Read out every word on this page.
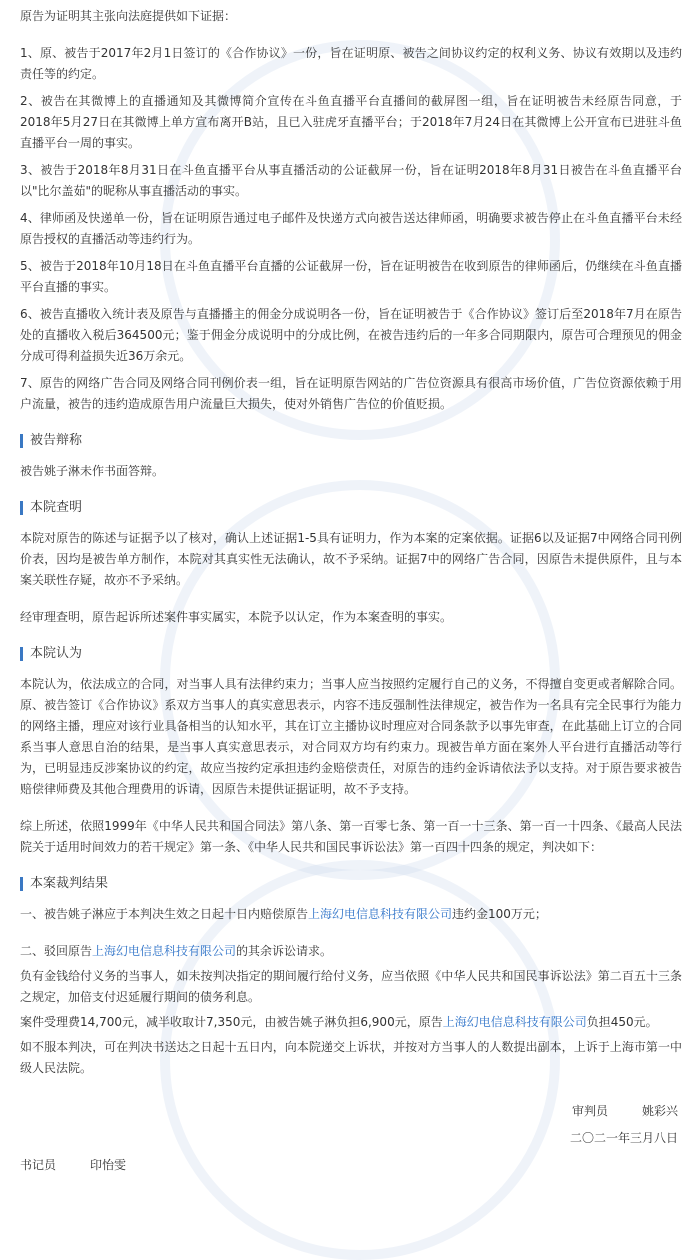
原告为证明其主张向法庭提供如下证据：

1、原、被告于2017年2月1日签订的《合作协议》一份，旨在证明原、被告之间协议约定的权利义务、协议有效期以及违约责任等的约定。

2、被告在其微博上的直播通知及其微博简介宣传在斗鱼直播平台直播间的截屏图一组，旨在证明被告未经原告同意，于2018年5月27日在其微博上单方宣布离开B站，且已入驻虎牙直播平台；于2018年7月24日在其微博上公开宣布已进驻斗鱼直播平台一周的事实。

3、被告于2018年8月31日在斗鱼直播平台从事直播活动的公证截屏一份，旨在证明2018年8月31日被告在斗鱼直播平台以"比尔盖茹"的昵称从事直播活动的事实。

4、律师函及快递单一份，旨在证明原告通过电子邮件及快递方式向被告送达律师函，明确要求被告停止在斗鱼直播平台未经原告授权的直播活动等违约行为。

5、被告于2018年10月18日在斗鱼直播平台直播的公证截屏一份，旨在证明被告在收到原告的律师函后，仍继续在斗鱼直播平台直播的事实。

6、被告直播收入统计表及原告与直播播主的佣金分成说明各一份，旨在证明被告于《合作协议》签订后至2018年7月在原告处的直播收入税后364500元；鉴于佣金分成说明中的分成比例，在被告违约后的一年多合同期限内，原告可合理预见的佣金分成可得利益损失近36万余元。

7、原告的网络广告合同及网络合同刊例价表一组，旨在证明原告网站的广告位资源具有很高市场价值，广告位资源依赖于用户流量，被告的违约造成原告用户流量巨大损失，使对外销售广告位的价值贬损。

被告辩称

被告姚子淋未作书面答辩。

本院查明

本院对原告的陈述与证据予以了核对，确认上述证据1-5具有证明力，作为本案的定案依据。证据6以及证据7中网络合同刊例价表，因均是被告单方制作，本院对其真实性无法确认，故不予采纳。证据7中的网络广告合同，因原告未提供原件，且与本案关联性存疑，故亦不予采纳。

经审理查明，原告起诉所述案件事实属实，本院予以认定，作为本案查明的事实。

本院认为

本院认为，依法成立的合同，对当事人具有法律约束力；当事人应当按照约定履行自己的义务，不得擅自变更或者解除合同。原、被告签订《合作协议》系双方当事人的真实意思表示，内容不违反强制性法律规定，被告作为一名具有完全民事行为能力的网络主播，理应对该行业具备相当的认知水平，其在订立主播协议时理应对合同条款予以事先审查，在此基础上订立的合同系当事人意思自治的结果，是当事人真实意思表示，对合同双方均有约束力。现被告单方面在案外人平台进行直播活动等行为，已明显违反涉案协议的约定，故应当按约定承担违约金赔偿责任，对原告的违约金诉请依法予以支持。对于原告要求被告赔偿律师费及其他合理费用的诉请，因原告未提供证据证明，故不予支持。

综上所述，依照1999年《中华人民共和国合同法》第八条、第一百零七条、第一百一十三条、第一百一十四条、《最高人民法院关于适用时间效力的若干规定》第一条、《中华人民共和国民事诉讼法》第一百四十四条的规定，判决如下：

本案裁判结果

一、被告姚子淋应于本判决生效之日起十日内赔偿原告上海幻电信息科技有限公司违约金100万元；

二、驳回原告上海幻电信息科技有限公司的其余诉讼请求。

负有金钱给付义务的当事人，如未按判决指定的期间履行给付义务，应当依照《中华人民共和国民事诉讼法》第二百五十三条之规定，加倍支付迟延履行期间的债务利息。

案件受理费14,700元，减半收取计7,350元，由被告姚子淋负担6,900元，原告上海幻电信息科技有限公司负担450元。

如不服本判决，可在判决书送达之日起十五日内，向本院递交上诉状，并按对方当事人的人数提出副本，上诉于上海市第一中级人民法院。

审判员	姚彩兴
二〇二一年三月八日
书记员	印怡雯
